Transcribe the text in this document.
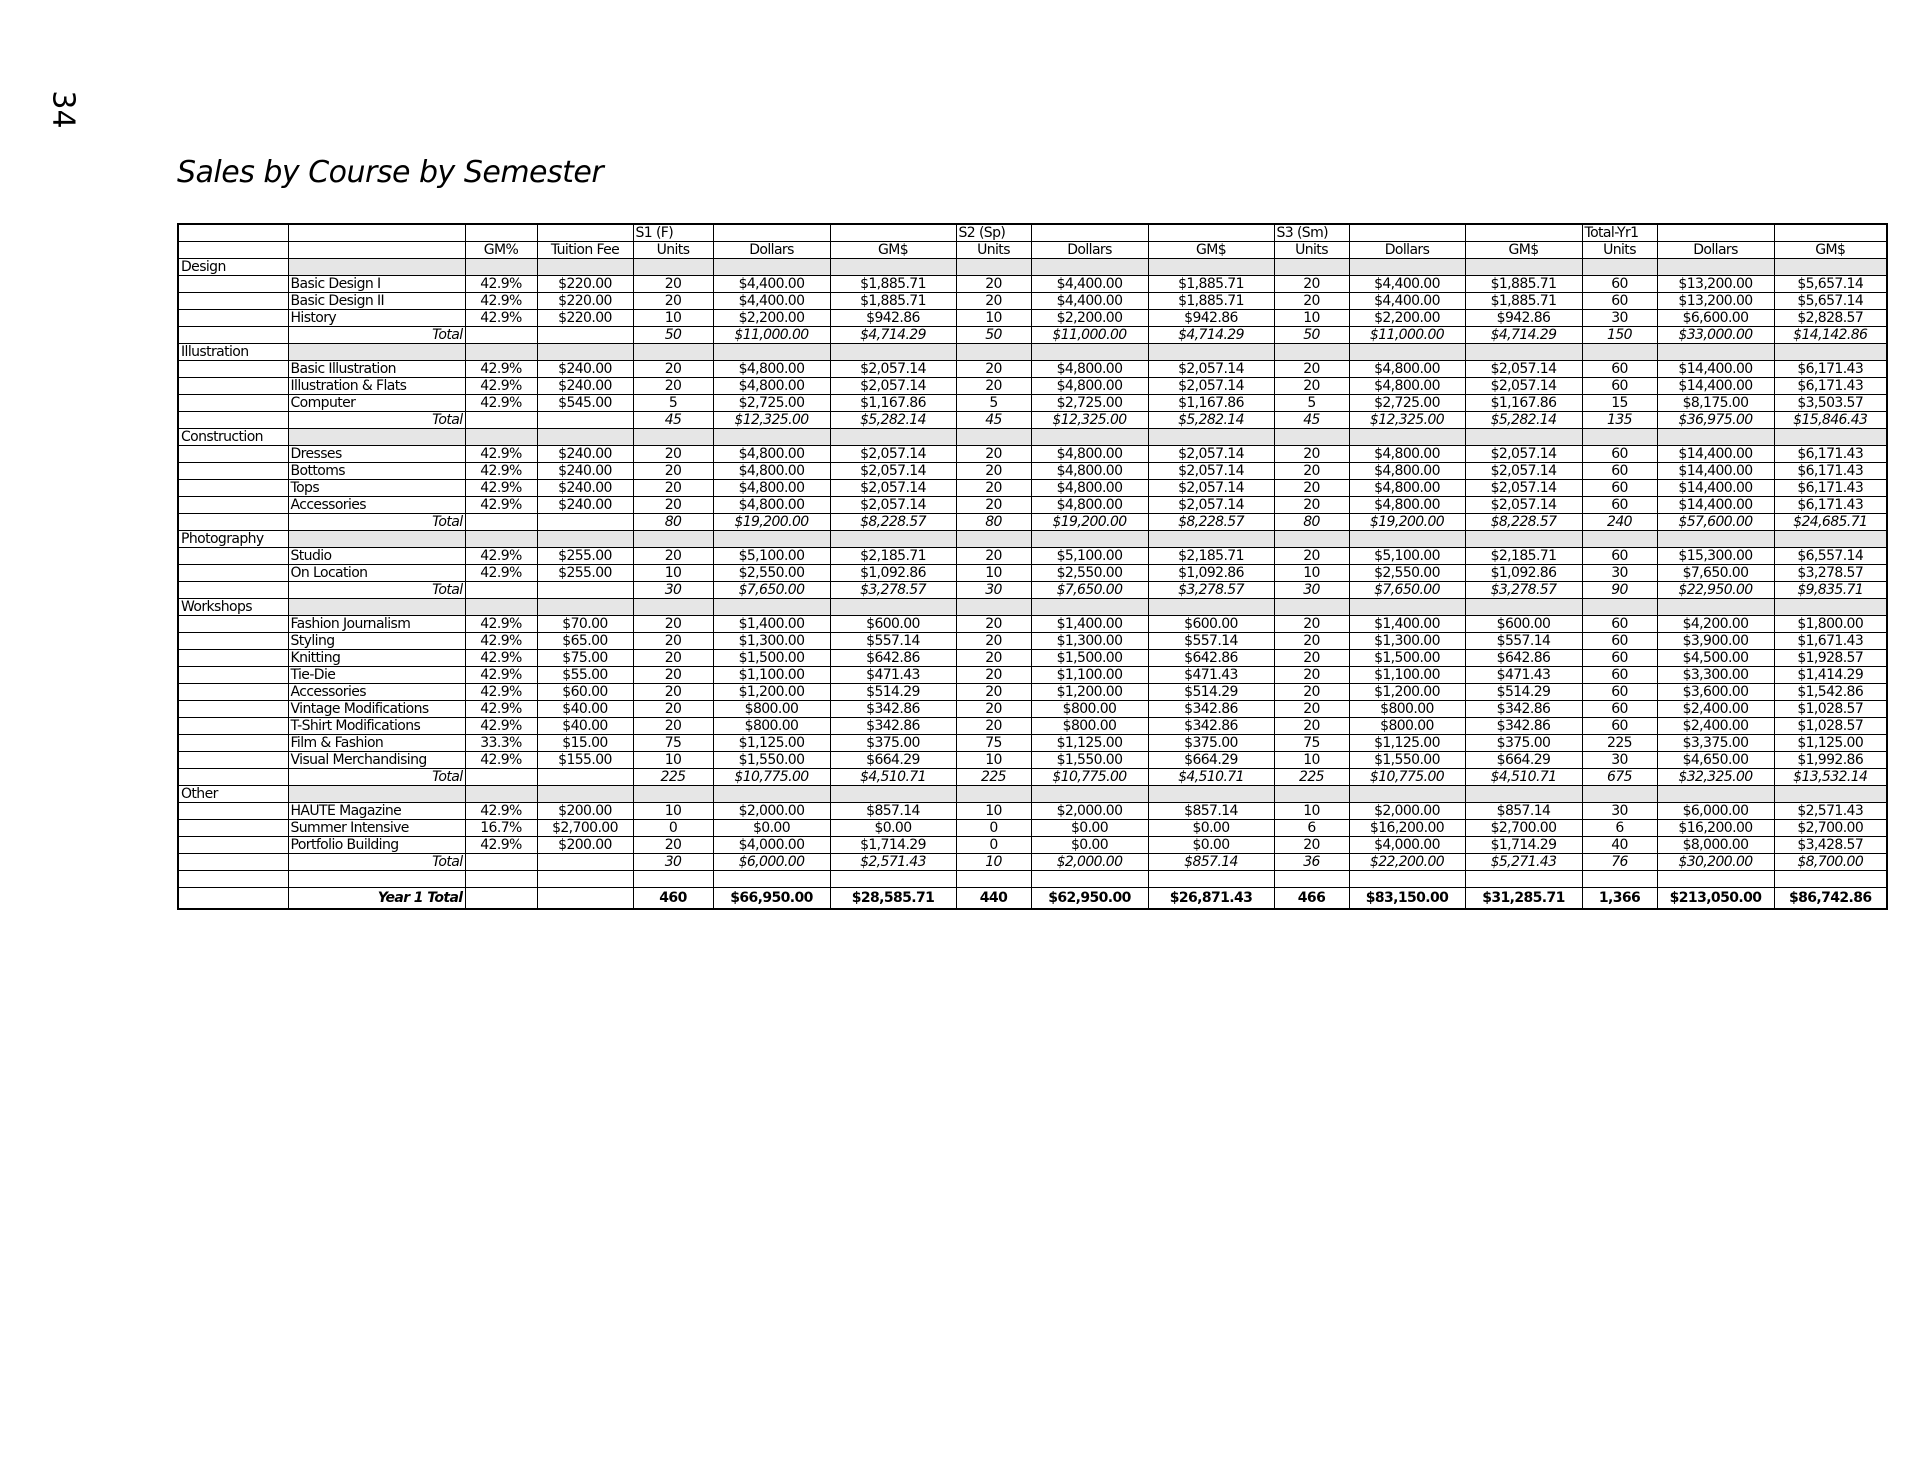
34
Sales by Course by Semester
				S1 (F)			S2 (Sp)			S3 (Sm)			Total-Yr1		
		GM%	Tuition Fee	Units	Dollars	GM$	Units	Dollars	GM$	Units	Dollars	GM$	Units	Dollars	GM$
Design															
	Basic Design I	42.9%	$220.00	20	$4,400.00	$1,885.71	20	$4,400.00	$1,885.71	20	$4,400.00	$1,885.71	60	$13,200.00	$5,657.14
	Basic Design II	42.9%	$220.00	20	$4,400.00	$1,885.71	20	$4,400.00	$1,885.71	20	$4,400.00	$1,885.71	60	$13,200.00	$5,657.14
	History	42.9%	$220.00	10	$2,200.00	$942.86	10	$2,200.00	$942.86	10	$2,200.00	$942.86	30	$6,600.00	$2,828.57
	Total			50	$11,000.00	$4,714.29	50	$11,000.00	$4,714.29	50	$11,000.00	$4,714.29	150	$33,000.00	$14,142.86
Illustration															
	Basic Illustration	42.9%	$240.00	20	$4,800.00	$2,057.14	20	$4,800.00	$2,057.14	20	$4,800.00	$2,057.14	60	$14,400.00	$6,171.43
	Illustration & Flats	42.9%	$240.00	20	$4,800.00	$2,057.14	20	$4,800.00	$2,057.14	20	$4,800.00	$2,057.14	60	$14,400.00	$6,171.43
	Computer	42.9%	$545.00	5	$2,725.00	$1,167.86	5	$2,725.00	$1,167.86	5	$2,725.00	$1,167.86	15	$8,175.00	$3,503.57
	Total			45	$12,325.00	$5,282.14	45	$12,325.00	$5,282.14	45	$12,325.00	$5,282.14	135	$36,975.00	$15,846.43
Construction															
	Dresses	42.9%	$240.00	20	$4,800.00	$2,057.14	20	$4,800.00	$2,057.14	20	$4,800.00	$2,057.14	60	$14,400.00	$6,171.43
	Bottoms	42.9%	$240.00	20	$4,800.00	$2,057.14	20	$4,800.00	$2,057.14	20	$4,800.00	$2,057.14	60	$14,400.00	$6,171.43
	Tops	42.9%	$240.00	20	$4,800.00	$2,057.14	20	$4,800.00	$2,057.14	20	$4,800.00	$2,057.14	60	$14,400.00	$6,171.43
	Accessories	42.9%	$240.00	20	$4,800.00	$2,057.14	20	$4,800.00	$2,057.14	20	$4,800.00	$2,057.14	60	$14,400.00	$6,171.43
	Total			80	$19,200.00	$8,228.57	80	$19,200.00	$8,228.57	80	$19,200.00	$8,228.57	240	$57,600.00	$24,685.71
Photography															
	Studio	42.9%	$255.00	20	$5,100.00	$2,185.71	20	$5,100.00	$2,185.71	20	$5,100.00	$2,185.71	60	$15,300.00	$6,557.14
	On Location	42.9%	$255.00	10	$2,550.00	$1,092.86	10	$2,550.00	$1,092.86	10	$2,550.00	$1,092.86	30	$7,650.00	$3,278.57
	Total			30	$7,650.00	$3,278.57	30	$7,650.00	$3,278.57	30	$7,650.00	$3,278.57	90	$22,950.00	$9,835.71
Workshops															
	Fashion Journalism	42.9%	$70.00	20	$1,400.00	$600.00	20	$1,400.00	$600.00	20	$1,400.00	$600.00	60	$4,200.00	$1,800.00
	Styling	42.9%	$65.00	20	$1,300.00	$557.14	20	$1,300.00	$557.14	20	$1,300.00	$557.14	60	$3,900.00	$1,671.43
	Knitting	42.9%	$75.00	20	$1,500.00	$642.86	20	$1,500.00	$642.86	20	$1,500.00	$642.86	60	$4,500.00	$1,928.57
	Tie-Die	42.9%	$55.00	20	$1,100.00	$471.43	20	$1,100.00	$471.43	20	$1,100.00	$471.43	60	$3,300.00	$1,414.29
	Accessories	42.9%	$60.00	20	$1,200.00	$514.29	20	$1,200.00	$514.29	20	$1,200.00	$514.29	60	$3,600.00	$1,542.86
	Vintage Modifications	42.9%	$40.00	20	$800.00	$342.86	20	$800.00	$342.86	20	$800.00	$342.86	60	$2,400.00	$1,028.57
	T-Shirt Modifications	42.9%	$40.00	20	$800.00	$342.86	20	$800.00	$342.86	20	$800.00	$342.86	60	$2,400.00	$1,028.57
	Film & Fashion	33.3%	$15.00	75	$1,125.00	$375.00	75	$1,125.00	$375.00	75	$1,125.00	$375.00	225	$3,375.00	$1,125.00
	Visual Merchandising	42.9%	$155.00	10	$1,550.00	$664.29	10	$1,550.00	$664.29	10	$1,550.00	$664.29	30	$4,650.00	$1,992.86
	Total			225	$10,775.00	$4,510.71	225	$10,775.00	$4,510.71	225	$10,775.00	$4,510.71	675	$32,325.00	$13,532.14
Other															
	HAUTE Magazine	42.9%	$200.00	10	$2,000.00	$857.14	10	$2,000.00	$857.14	10	$2,000.00	$857.14	30	$6,000.00	$2,571.43
	Summer Intensive	16.7%	$2,700.00	0	$0.00	$0.00	0	$0.00	$0.00	6	$16,200.00	$2,700.00	6	$16,200.00	$2,700.00
	Portfolio Building	42.9%	$200.00	20	$4,000.00	$1,714.29	0	$0.00	$0.00	20	$4,000.00	$1,714.29	40	$8,000.00	$3,428.57
	Total			30	$6,000.00	$2,571.43	10	$2,000.00	$857.14	36	$22,200.00	$5,271.43	76	$30,200.00	$8,700.00

	Year 1 Total			460	$66,950.00	$28,585.71	440	$62,950.00	$26,871.43	466	$83,150.00	$31,285.71	1,366	$213,050.00	$86,742.86
